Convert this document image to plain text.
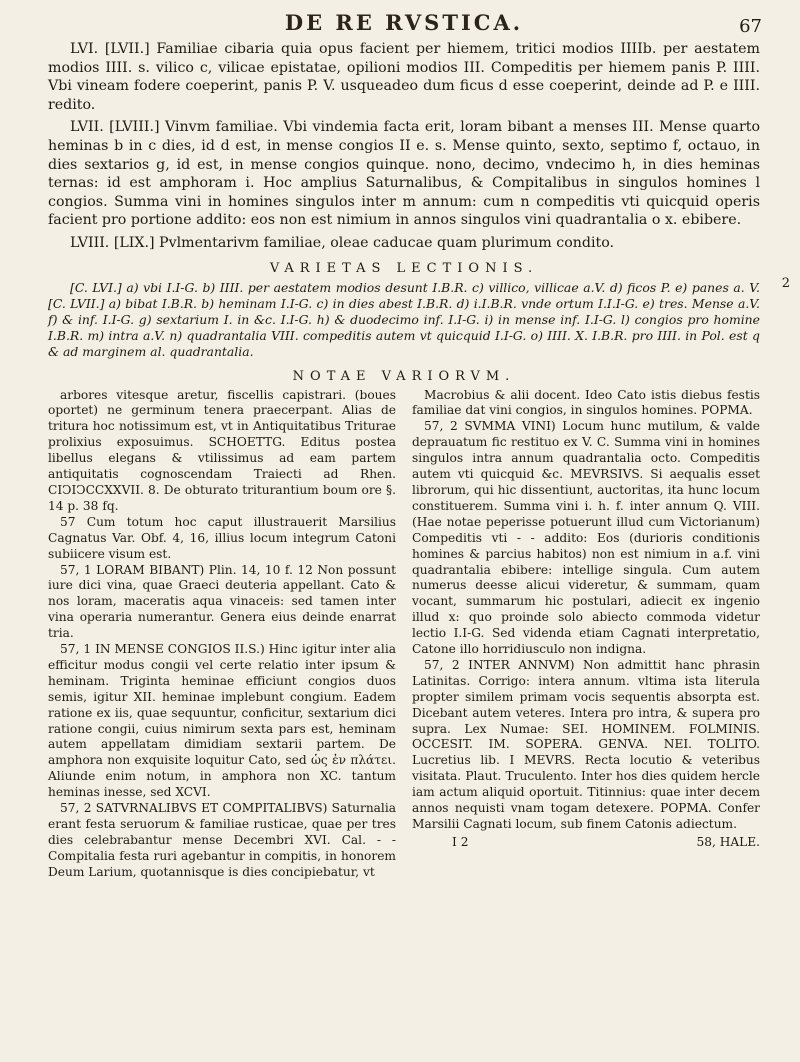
DE RE RVSTICA.	67

LVI. [LVII.] Familiae cibaria quia opus facient per hiemem, tritici modios IIIIb. per aestatem modios IIII. s. vilico c, vilicae epistatae, opilioni modios III. Compeditis per hiemem panis P. IIII. Vbi vineam fodere coeperint, panis P. V. usqueadeo dum ficus d esse coeperint, deinde ad P. e IIII. redito.

LVII. [LVIII.] Vinvm familiae. Vbi vindemia facta erit, loram bibant a menses III. Mense quarto heminas b in c dies, id d est, in mense congios II e. s. Mense quinto, sexto, septimo f, octauo, in dies sextarios g, id est, in mense congios quinque. nono, decimo, vndecimo h, in dies heminas ternas: id est amphoram i. Hoc amplius Saturnalibus, & Compitalibus in singulos homines l congios. Summa vini in homines singulos inter m annum: cum n compeditis vti quicquid operis facient pro portione addito: eos non est nimium in annos singulos vini quadrantalia o x. ebibere.

LVIII. [LIX.] Pvlmentarivm familiae, oleae caducae quam plurimum condito.

2
VARIETAS LECTIONIS.

[C. LVI.] a) vbi I.I-G. b) IIII. per aestatem modios desunt I.B.R. c) villico, villicae a.V. d) ficos P. e) panes a. V. [C. LVII.] a) bibat I.B.R. b) heminam I.I-G. c) in dies abest I.B.R. d) i.I.B.R. vnde ortum I.I.I-G. e) tres. Mense a.V. f) & inf. I.I-G. g) sextarium I. in &c. I.I-G. h) & duodecimo inf. I.I-G. i) in mense inf. I.I-G. l) congios pro homine I.B.R. m) intra a.V. n) quadrantalia VIII. compeditis autem vt quicquid I.I-G. o) IIII. X. I.B.R. pro IIII. in Pol. est q & ad marginem al. quadrantalia.

NOTAE VARIORVM.

arbores vitesque aretur, fiscellis capistrari. (boues oportet) ne germinum tenera praecerpant. Alias de tritura hoc notissimum est, vt in Antiquitatibus Triturae prolixius exposuimus. SCHOETTG. Editus postea libellus elegans & vtilissimus ad eam partem antiquitatis cognoscendam Traiecti ad Rhen. CIↃIↃCCXXVII. 8. De obturato triturantium boum ore §. 14 p. 38 fq.

57 Cum totum hoc caput illustrauerit Marsilius Cagnatus Var. Obf. 4, 16, illius locum integrum Catoni subiicere visum est.

57, 1 LORAM BIBANT) Plin. 14, 10 f. 12 Non possunt iure dici vina, quae Graeci deuteria appellant. Cato & nos loram, maceratis aqua vinaceis: sed tamen inter vina operaria numerantur. Genera eius deinde enarrat tria.

57, 1 IN MENSE CONGIOS II.S.) Hinc igitur inter alia efficitur modus congii vel certe relatio inter ipsum & heminam. Triginta heminae efficiunt congios duos semis, igitur XII. heminae implebunt congium. Eadem ratione ex iis, quae sequuntur, conficitur, sextarium dici ratione congii, cuius nimirum sexta pars est, heminam autem appellatam dimidiam sextarii partem. De amphora non exquisite loquitur Cato, sed ὡς ἐν πλάτει. Aliunde enim notum, in amphora non XC. tantum heminas inesse, sed XCVI.

57, 2 SATVRNALIBVS ET COMPITALIBVS) Saturnalia erant festa seruorum & familiae rusticae, quae per tres dies celebrabantur mense Decembri XVI. Cal. - - Compitalia festa ruri agebantur in compitis, in honorem Deum Larium, quotannisque is dies concipiebatur, vt

Macrobius & alii docent. Ideo Cato istis diebus festis familiae dat vini congios, in singulos homines. POPMA.

57, 2 SVMMA VINI) Locum hunc mutilum, & valde deprauatum fic restituo ex V. C. Summa vini in homines singulos intra annum quadrantalia octo. Compeditis autem vti quicquid &c. MEVRSIVS. Si aequalis esset librorum, qui hic dissentiunt, auctoritas, ita hunc locum constituerem. Summa vini i. h. f. inter annum Q. VIII. (Hae notae peperisse potuerunt illud cum Victorianum) Compeditis vti - - addito: Eos (durioris conditionis homines & parcius habitos) non est nimium in a.f. vini quadrantalia ebibere: intellige singula. Cum autem numerus deesse alicui videretur, & summam, quam vocant, summarum hic postulari, adiecit ex ingenio illud x: quo proinde solo abiecto commoda videtur lectio I.I-G. Sed videnda etiam Cagnati interpretatio, Catone illo horridiusculo non indigna.

57, 2 INTER ANNVM) Non admittit hanc phrasin Latinitas. Corrigo: intera annum. vltima ista literula propter similem primam vocis sequentis absorpta est. Dicebant autem veteres. Intera pro intra, & supera pro supra. Lex Numae: SEI. HOMINEM. FOLMINIS. OCCESIT. IM. SOPERA. GENVA. NEI. TOLITO. Lucretius lib. I MEVRS. Recta locutio & veteribus visitata. Plaut. Truculento. Inter hos dies quidem hercle iam actum aliquid oportuit. Titinnius: quae inter decem annos nequisti vnam togam detexere. POPMA. Confer Marsilii Cagnati locum, sub finem Catonis adiectum.

I 2	58, HALE.
